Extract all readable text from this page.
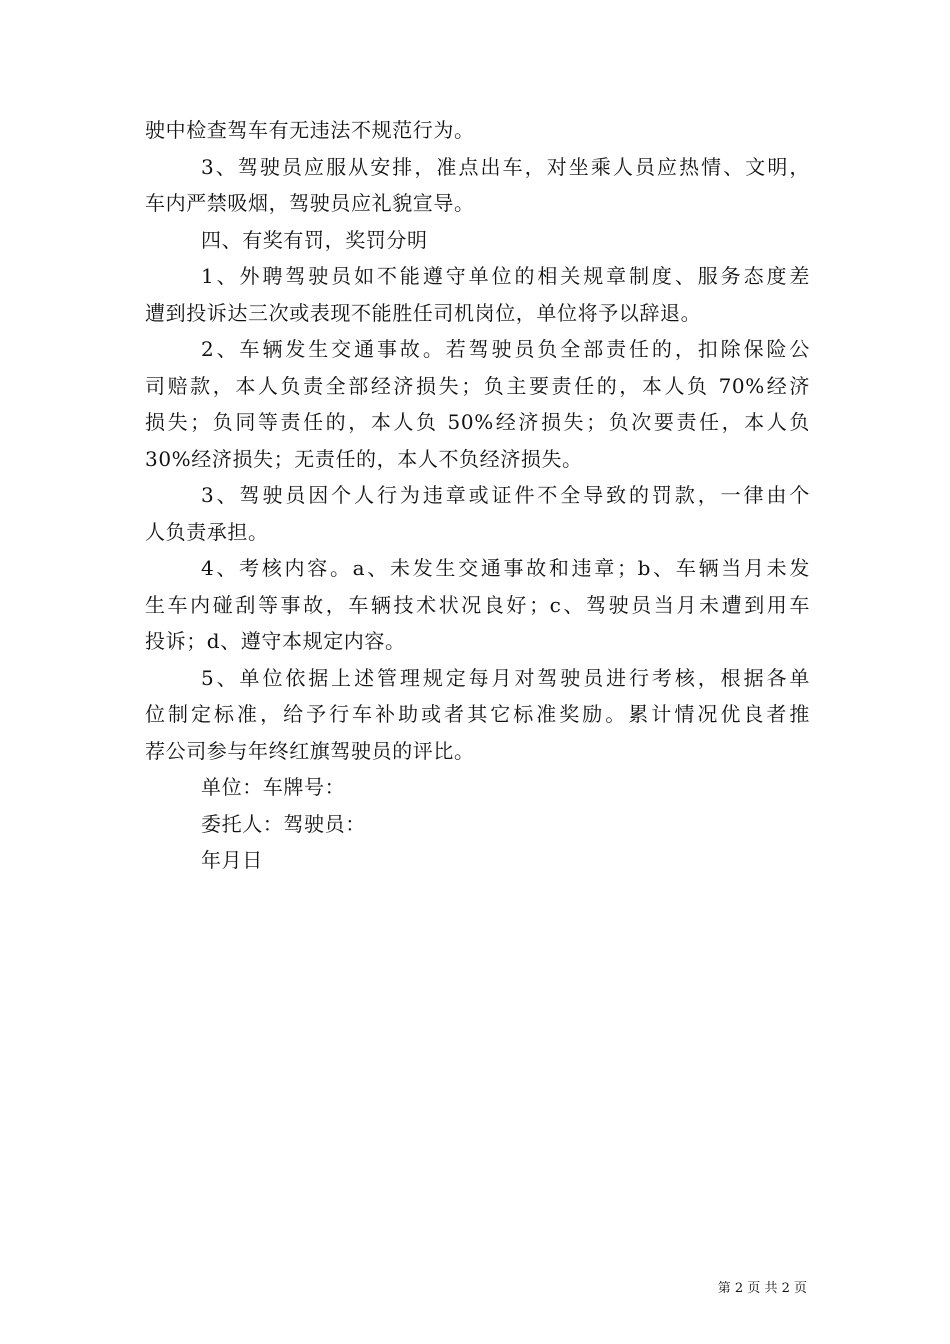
驶中检查驾车有无违法不规范行为。
3、驾驶员应服从安排，准点出车，对坐乘人员应热情、文明，
车内严禁吸烟，驾驶员应礼貌宣导。
四、有奖有罚，奖罚分明
1、外聘驾驶员如不能遵守单位的相关规章制度、服务态度差
遭到投诉达三次或表现不能胜任司机岗位，单位将予以辞退。
2、车辆发生交通事故。若驾驶员负全部责任的，扣除保险公
司赔款，本人负责全部经济损失；负主要责任的，本人负 70%经济
损失；负同等责任的，本人负 50%经济损失；负次要责任，本人负
30%经济损失；无责任的，本人不负经济损失。
3、驾驶员因个人行为违章或证件不全导致的罚款，一律由个
人负责承担。
4、考核内容。a、未发生交通事故和违章；b、车辆当月未发
生车内碰刮等事故，车辆技术状况良好；c、驾驶员当月未遭到用车
投诉；d、遵守本规定内容。
5、单位依据上述管理规定每月对驾驶员进行考核，根据各单
位制定标准，给予行车补助或者其它标准奖励。累计情况优良者推
荐公司参与年终红旗驾驶员的评比。
单位：车牌号：
委托人：驾驶员：
年月日
第 2 页 共 2 页
